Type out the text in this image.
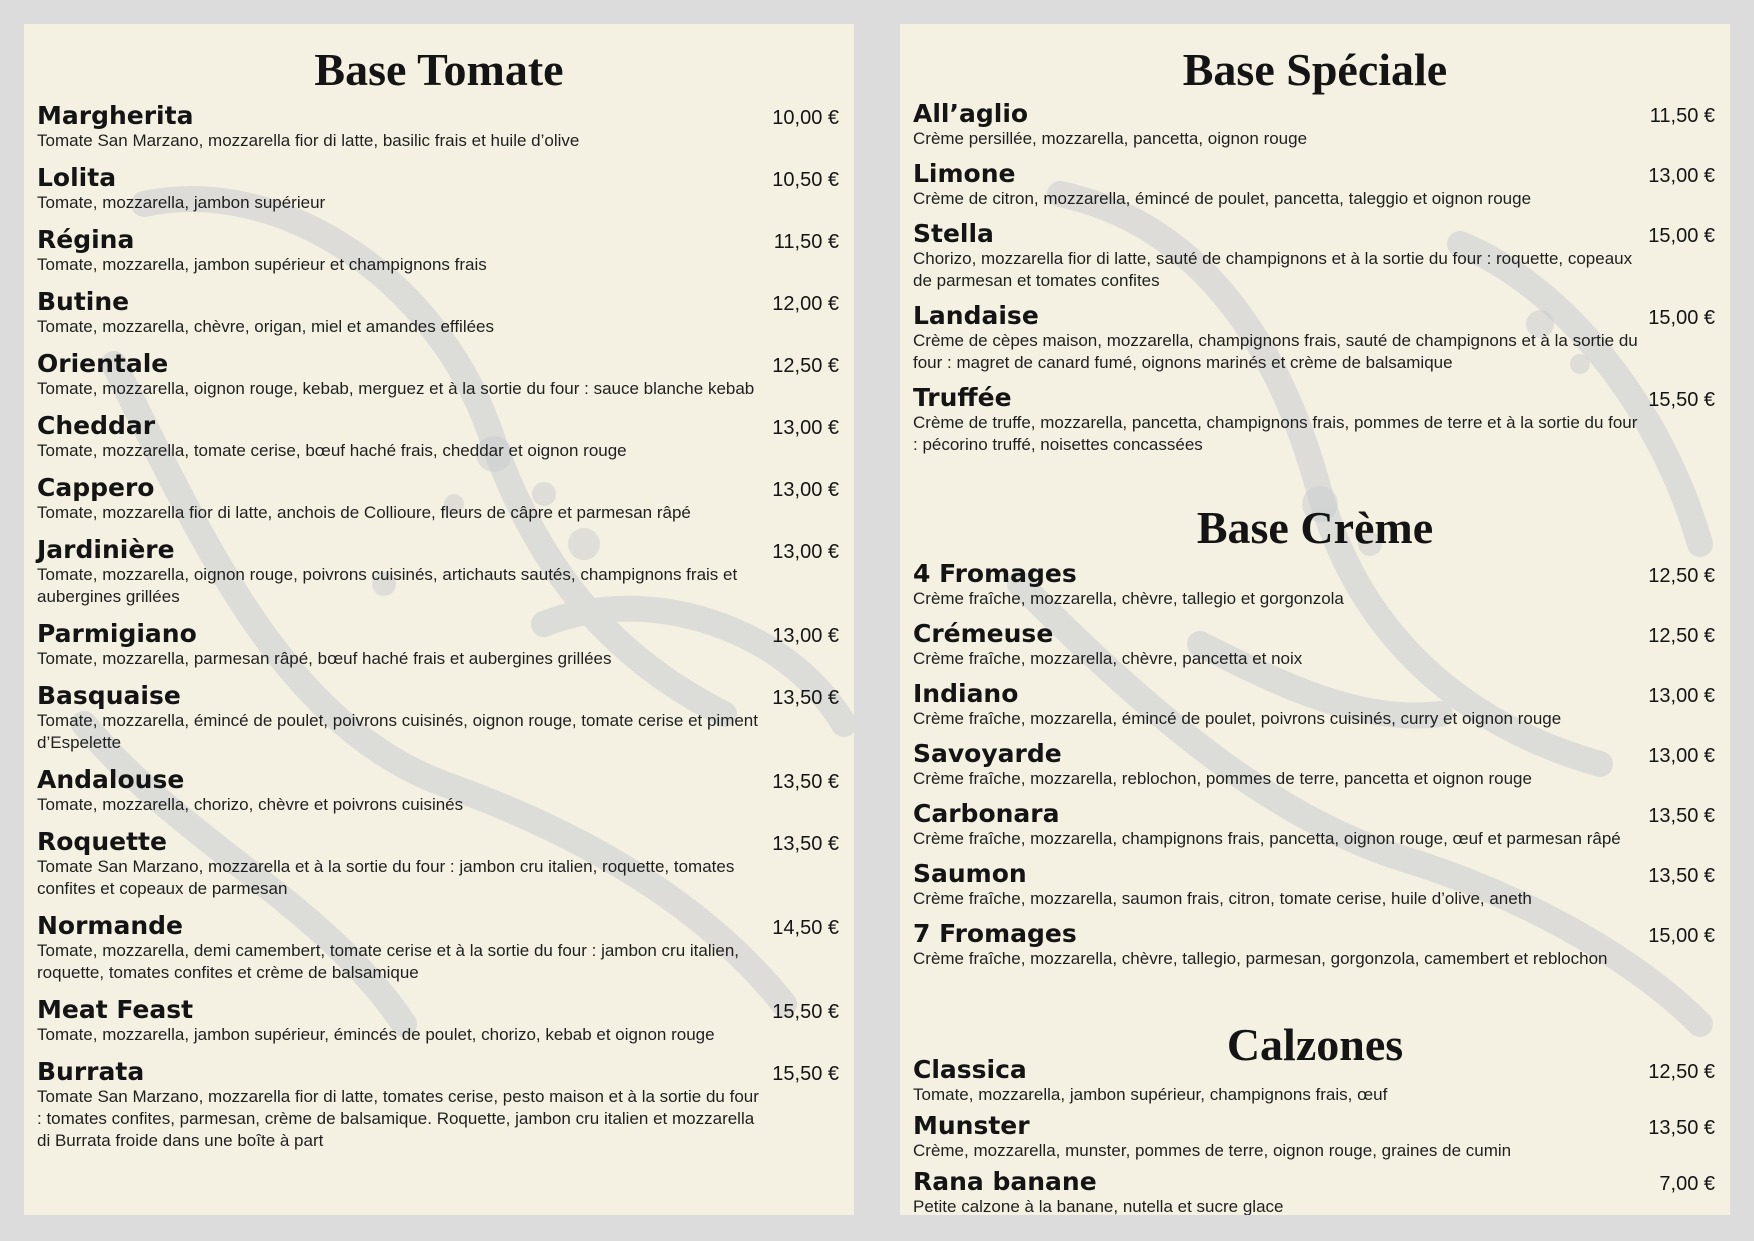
Base Tomate
Margherita
Tomate San Marzano, mozzarella fior di latte, basilic frais et huile d’olive
10,00 €
Lolita
Tomate, mozzarella, jambon supérieur
10,50 €
Régina
Tomate, mozzarella, jambon supérieur et champignons frais
11,50 €
Butine
Tomate, mozzarella, chèvre, origan, miel et amandes effilées
12,00 €
Orientale
Tomate, mozzarella, oignon rouge, kebab, merguez et à la sortie du four : sauce blanche kebab
12,50 €
Cheddar
Tomate, mozzarella, tomate cerise, bœuf haché frais, cheddar et oignon rouge
13,00 €
Cappero
Tomate, mozzarella fior di latte, anchois de Collioure, fleurs de câpre et parmesan râpé
13,00 €
Jardinière
Tomate, mozzarella, oignon rouge, poivrons cuisinés, artichauts sautés, champignons frais et aubergines grillées
13,00 €
Parmigiano
Tomate, mozzarella, parmesan râpé, bœuf haché frais et aubergines grillées
13,00 €
Basquaise
Tomate, mozzarella, émincé de poulet, poivrons cuisinés, oignon rouge, tomate cerise et piment d’Espelette
13,50 €
Andalouse
Tomate, mozzarella, chorizo, chèvre et poivrons cuisinés
13,50 €
Roquette
Tomate San Marzano, mozzarella et à la sortie du four : jambon cru italien, roquette, tomates confites et copeaux de parmesan
13,50 €
Normande
Tomate, mozzarella, demi camembert, tomate cerise et à la sortie du four : jambon cru italien, roquette, tomates confites et crème de balsamique
14,50 €
Meat Feast
Tomate, mozzarella, jambon supérieur, émincés de poulet, chorizo, kebab et oignon rouge
15,50 €
Burrata
Tomate San Marzano, mozzarella fior di latte, tomates cerise, pesto maison et à la sortie du four : tomates confites, parmesan, crème de balsamique. Roquette, jambon cru italien et mozzarella di Burrata froide dans une boîte à part
15,50 €
Base Spéciale
All’aglio
Crème persillée, mozzarella, pancetta, oignon rouge
11,50 €
Limone
Crème de citron, mozzarella, émincé de poulet, pancetta, taleggio et oignon rouge
13,00 €
Stella
Chorizo, mozzarella fior di latte, sauté de champignons et à la sortie du four : roquette, copeaux de parmesan et tomates confites
15,00 €
Landaise
Crème de cèpes maison, mozzarella, champignons frais, sauté de champignons et à la sortie du four : magret de canard fumé, oignons marinés et crème de balsamique
15,00 €
Truffée
Crème de truffe, mozzarella, pancetta, champignons frais, pommes de terre et à la sortie du four : pécorino truffé, noisettes concassées
15,50 €
Base Crème
4 Fromages
Crème fraîche, mozzarella, chèvre, tallegio et gorgonzola
12,50 €
Crémeuse
Crème fraîche, mozzarella, chèvre, pancetta et noix
12,50 €
Indiano
Crème fraîche, mozzarella, émincé de poulet, poivrons cuisinés, curry et oignon rouge
13,00 €
Savoyarde
Crème fraîche, mozzarella, reblochon, pommes de terre, pancetta et oignon rouge
13,00 €
Carbonara
Crème fraîche, mozzarella, champignons frais, pancetta, oignon rouge, œuf et parmesan râpé
13,50 €
Saumon
Crème fraîche, mozzarella, saumon frais, citron, tomate cerise, huile d’olive, aneth
13,50 €
7 Fromages
Crème fraîche, mozzarella, chèvre, tallegio, parmesan, gorgonzola, camembert et reblochon
15,00 €
Calzones
Classica
Tomate, mozzarella, jambon supérieur, champignons frais, œuf
12,50 €
Munster
Crème, mozzarella, munster, pommes de terre, oignon rouge, graines de cumin
13,50 €
Rana banane
Petite calzone à la banane, nutella et sucre glace
7,00 €
